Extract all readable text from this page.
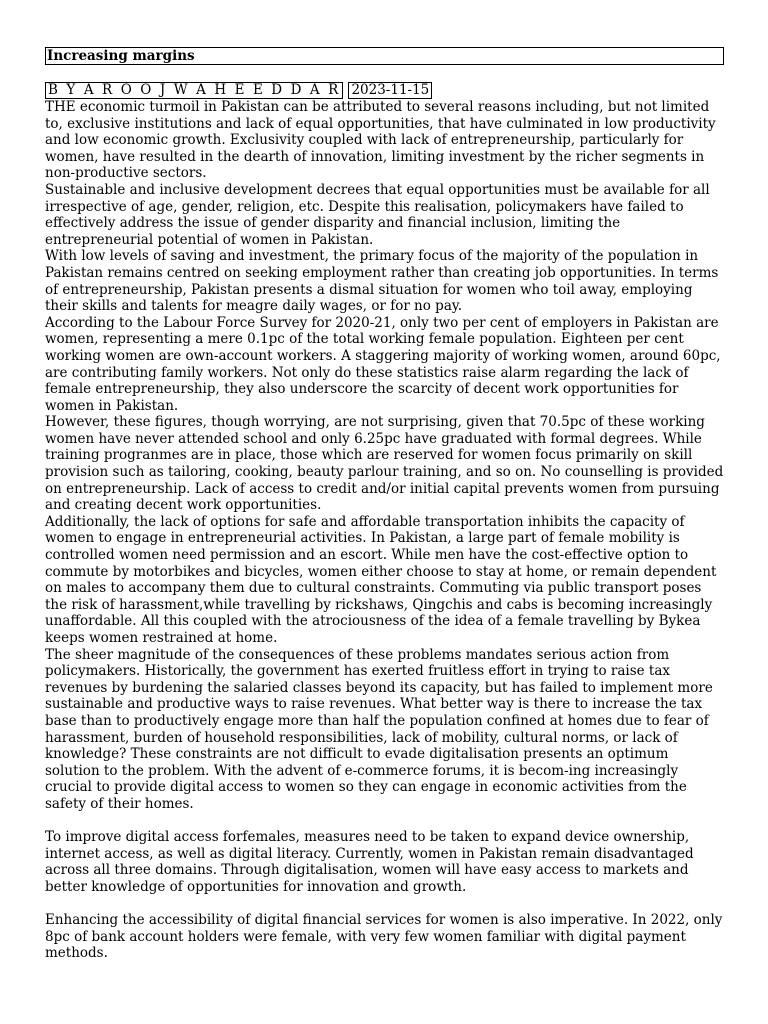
Increasing margins
B Y A R O O J W A H E E D D A R 2023-11-15

THE economic turmoil in Pakistan can be attributed to several reasons including, but not limited to, exclusive institutions and lack of equal opportunities, that have culminated in low productivity and low economic growth. Exclusivity coupled with lack of entrepreneurship, particularly for women, have resulted in the dearth of innovation, limiting investment by the richer segments in non-productive sectors.

Sustainable and inclusive development decrees that equal opportunities must be available for all irrespective of age, gender, religion, etc. Despite this realisation, policymakers have failed to effectively address the issue of gender disparity and financial inclusion, limiting the entrepreneurial potential of women in Pakistan.

With low levels of saving and investment, the primary focus of the majority of the population in Pakistan remains centred on seeking employment rather than creating job opportunities. In terms of entrepreneurship, Pakistan presents a dismal situation for women who toil away, employing their skills and talents for meagre daily wages, or for no pay.

According to the Labour Force Survey for 2020-21, only two per cent of employers in Pakistan are women, representing a mere 0.1pc of the total working female population. Eighteen per cent working women are own-account workers. A staggering majority of working women, around 60pc, are contributing family workers. Not only do these statistics raise alarm regarding the lack of female entrepreneurship, they also underscore the scarcity of decent work opportunities for women in Pakistan.

However, these figures, though worrying, are not surprising, given that 70.5pc of these working women have never attended school and only 6.25pc have graduated with formal degrees. While training progranmes are in place, those which are reserved for women focus primarily on skill provision such as tailoring, cooking, beauty parlour training, and so on. No counselling is provided on entrepreneurship. Lack of access to credit and/or initial capital prevents women from pursuing and creating decent work opportunities.

Additionally, the lack of options for safe and affordable transportation inhibits the capacity of women to engage in entrepreneurial activities. In Pakistan, a large part of female mobility is controlled women need permission and an escort. While men have the cost-effective option to commute by motorbikes and bicycles, women either choose to stay at home, or remain dependent on males to accompany them due to cultural constraints. Commuting via public transport poses the risk of harassment,while travelling by rickshaws, Qingchis and cabs is becoming increasingly unaffordable. All this coupled with the atrociousness of the idea of a female travelling by Bykea keeps women restrained at home.

The sheer magnitude of the consequences of these problems mandates serious action from policymakers. Historically, the government has exerted fruitless effort in trying to raise tax revenues by burdening the salaried classes beyond its capacity, but has failed to implement more sustainable and productive ways to raise revenues. What better way is there to increase the tax base than to productively engage more than half the population confined at homes due to fear of harassment, burden of household responsibilities, lack of mobility, cultural norms, or lack of knowledge? These constraints are not difficult to evade digitalisation presents an optimum solution to the problem. With the advent of e-commerce forums, it is becom-ing increasingly crucial to provide digital access to women so they can engage in economic activities from the safety of their homes.

To improve digital access forfemales, measures need to be taken to expand device ownership, internet access, as well as digital literacy. Currently, women in Pakistan remain disadvantaged across all three domains. Through digitalisation, women will have easy access to markets and better knowledge of opportunities for innovation and growth.

Enhancing the accessibility of digital financial services for women is also imperative. In 2022, only 8pc of bank account holders were female, with very few women familiar with digital payment methods.
